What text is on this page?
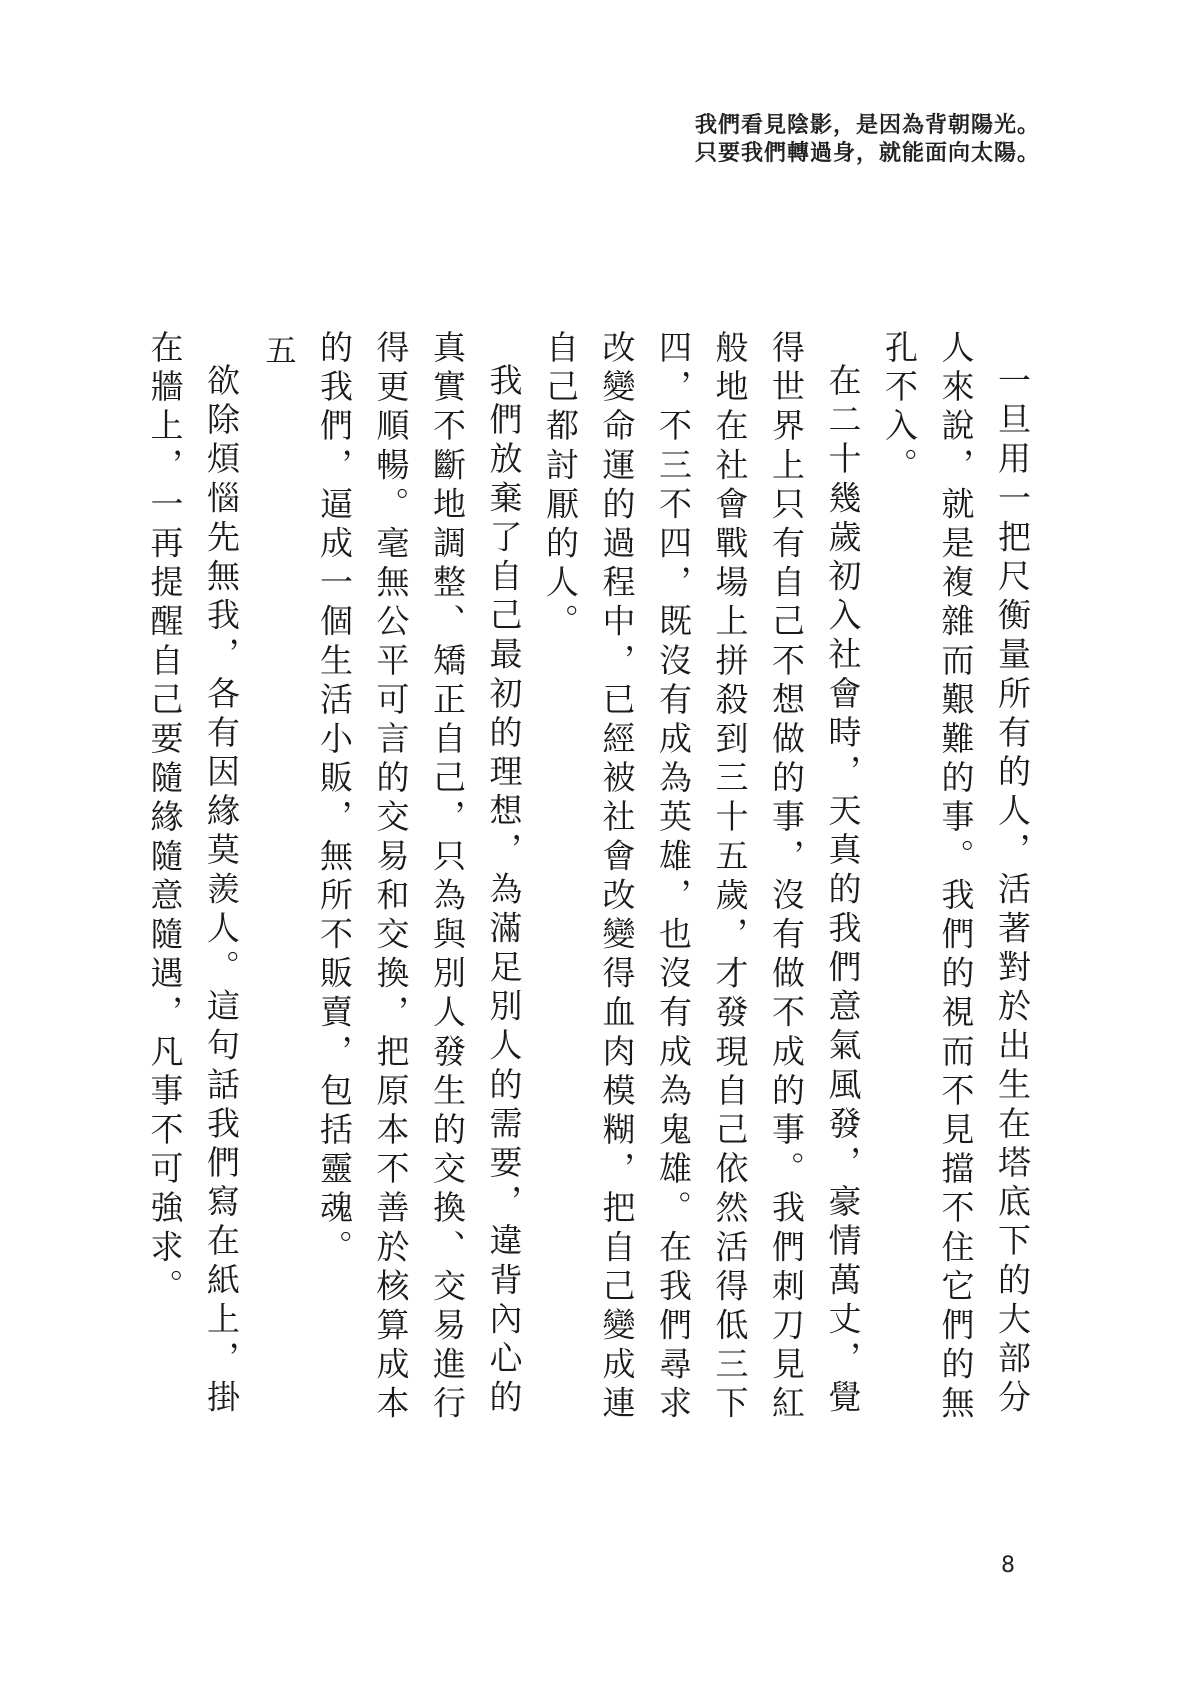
我們看見陰影，是因為背朝陽光。
只要我們轉過身，就能面向太陽。

一旦用一把尺衡量所有的人，活著對於出生在塔底下的大部分人來說，就是複雜而艱難的事。我們的視而不見擋不住它們的無孔不入。

在二十幾歲初入社會時，天真的我們意氣風發，豪情萬丈，覺得世界上只有自己不想做的事，沒有做不成的事。我們刺刀見紅般地在社會戰場上拼殺到三十五歲，才發現自己依然活得低三下四，不三不四，既沒有成為英雄，也沒有成為鬼雄。在我們尋求改變命運的過程中，已經被社會改變得血肉模糊，把自己變成連自己都討厭的人。

我們放棄了自己最初的理想，為滿足別人的需要，違背內心的真實不斷地調整、矯正自己，只為與別人發生的交換、交易進行得更順暢。毫無公平可言的交易和交換，把原本不善於核算成本的我們，逼成一個生活小販，無所不販賣，包括靈魂。

五

欲除煩惱先無我，各有因緣莫羨人。這句話我們寫在紙上，掛在牆上，一再提醒自己要隨緣隨意隨遇，凡事不可強求。

8
